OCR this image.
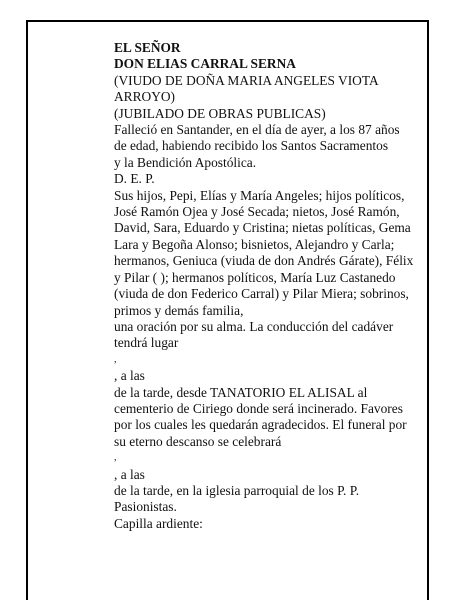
EL SEÑOR
DON ELIAS CARRAL SERNA
(VIUDO DE DOÑA MARIA ANGELES VIOTA
ARROYO)
(JUBILADO DE OBRAS PUBLICAS)
Falleció en Santander, en el día de ayer, a los 87 años
de edad, habiendo recibido los Santos Sacramentos
y la Bendición Apostólica.
D. E. P.
Sus hijos, Pepi, Elías y María Angeles; hijos políticos,
José Ramón Ojea y José Secada; nietos, José Ramón,
David, Sara, Eduardo y Cristina; nietas políticas, Gema
Lara y Begoña Alonso; bisnietos, Alejandro y Carla;
hermanos, Geniuca (viuda de don Andrés Gárate), Félix
y Pilar ( ); hermanos políticos, María Luz Castanedo
(viuda de don Federico Carral) y Pilar Miera; sobrinos,
primos y demás familia,
una oración por su alma. La conducción del cadáver
tendrá lugar
,
, a las
de la tarde, desde TANATORIO EL ALISAL al
cementerio de Ciriego donde será incinerado. Favores
por los cuales les quedarán agradecidos. El funeral por
su eterno descanso se celebrará
,
, a las
de la tarde, en la iglesia parroquial de los P. P.
Pasionistas.
Capilla ardiente:
